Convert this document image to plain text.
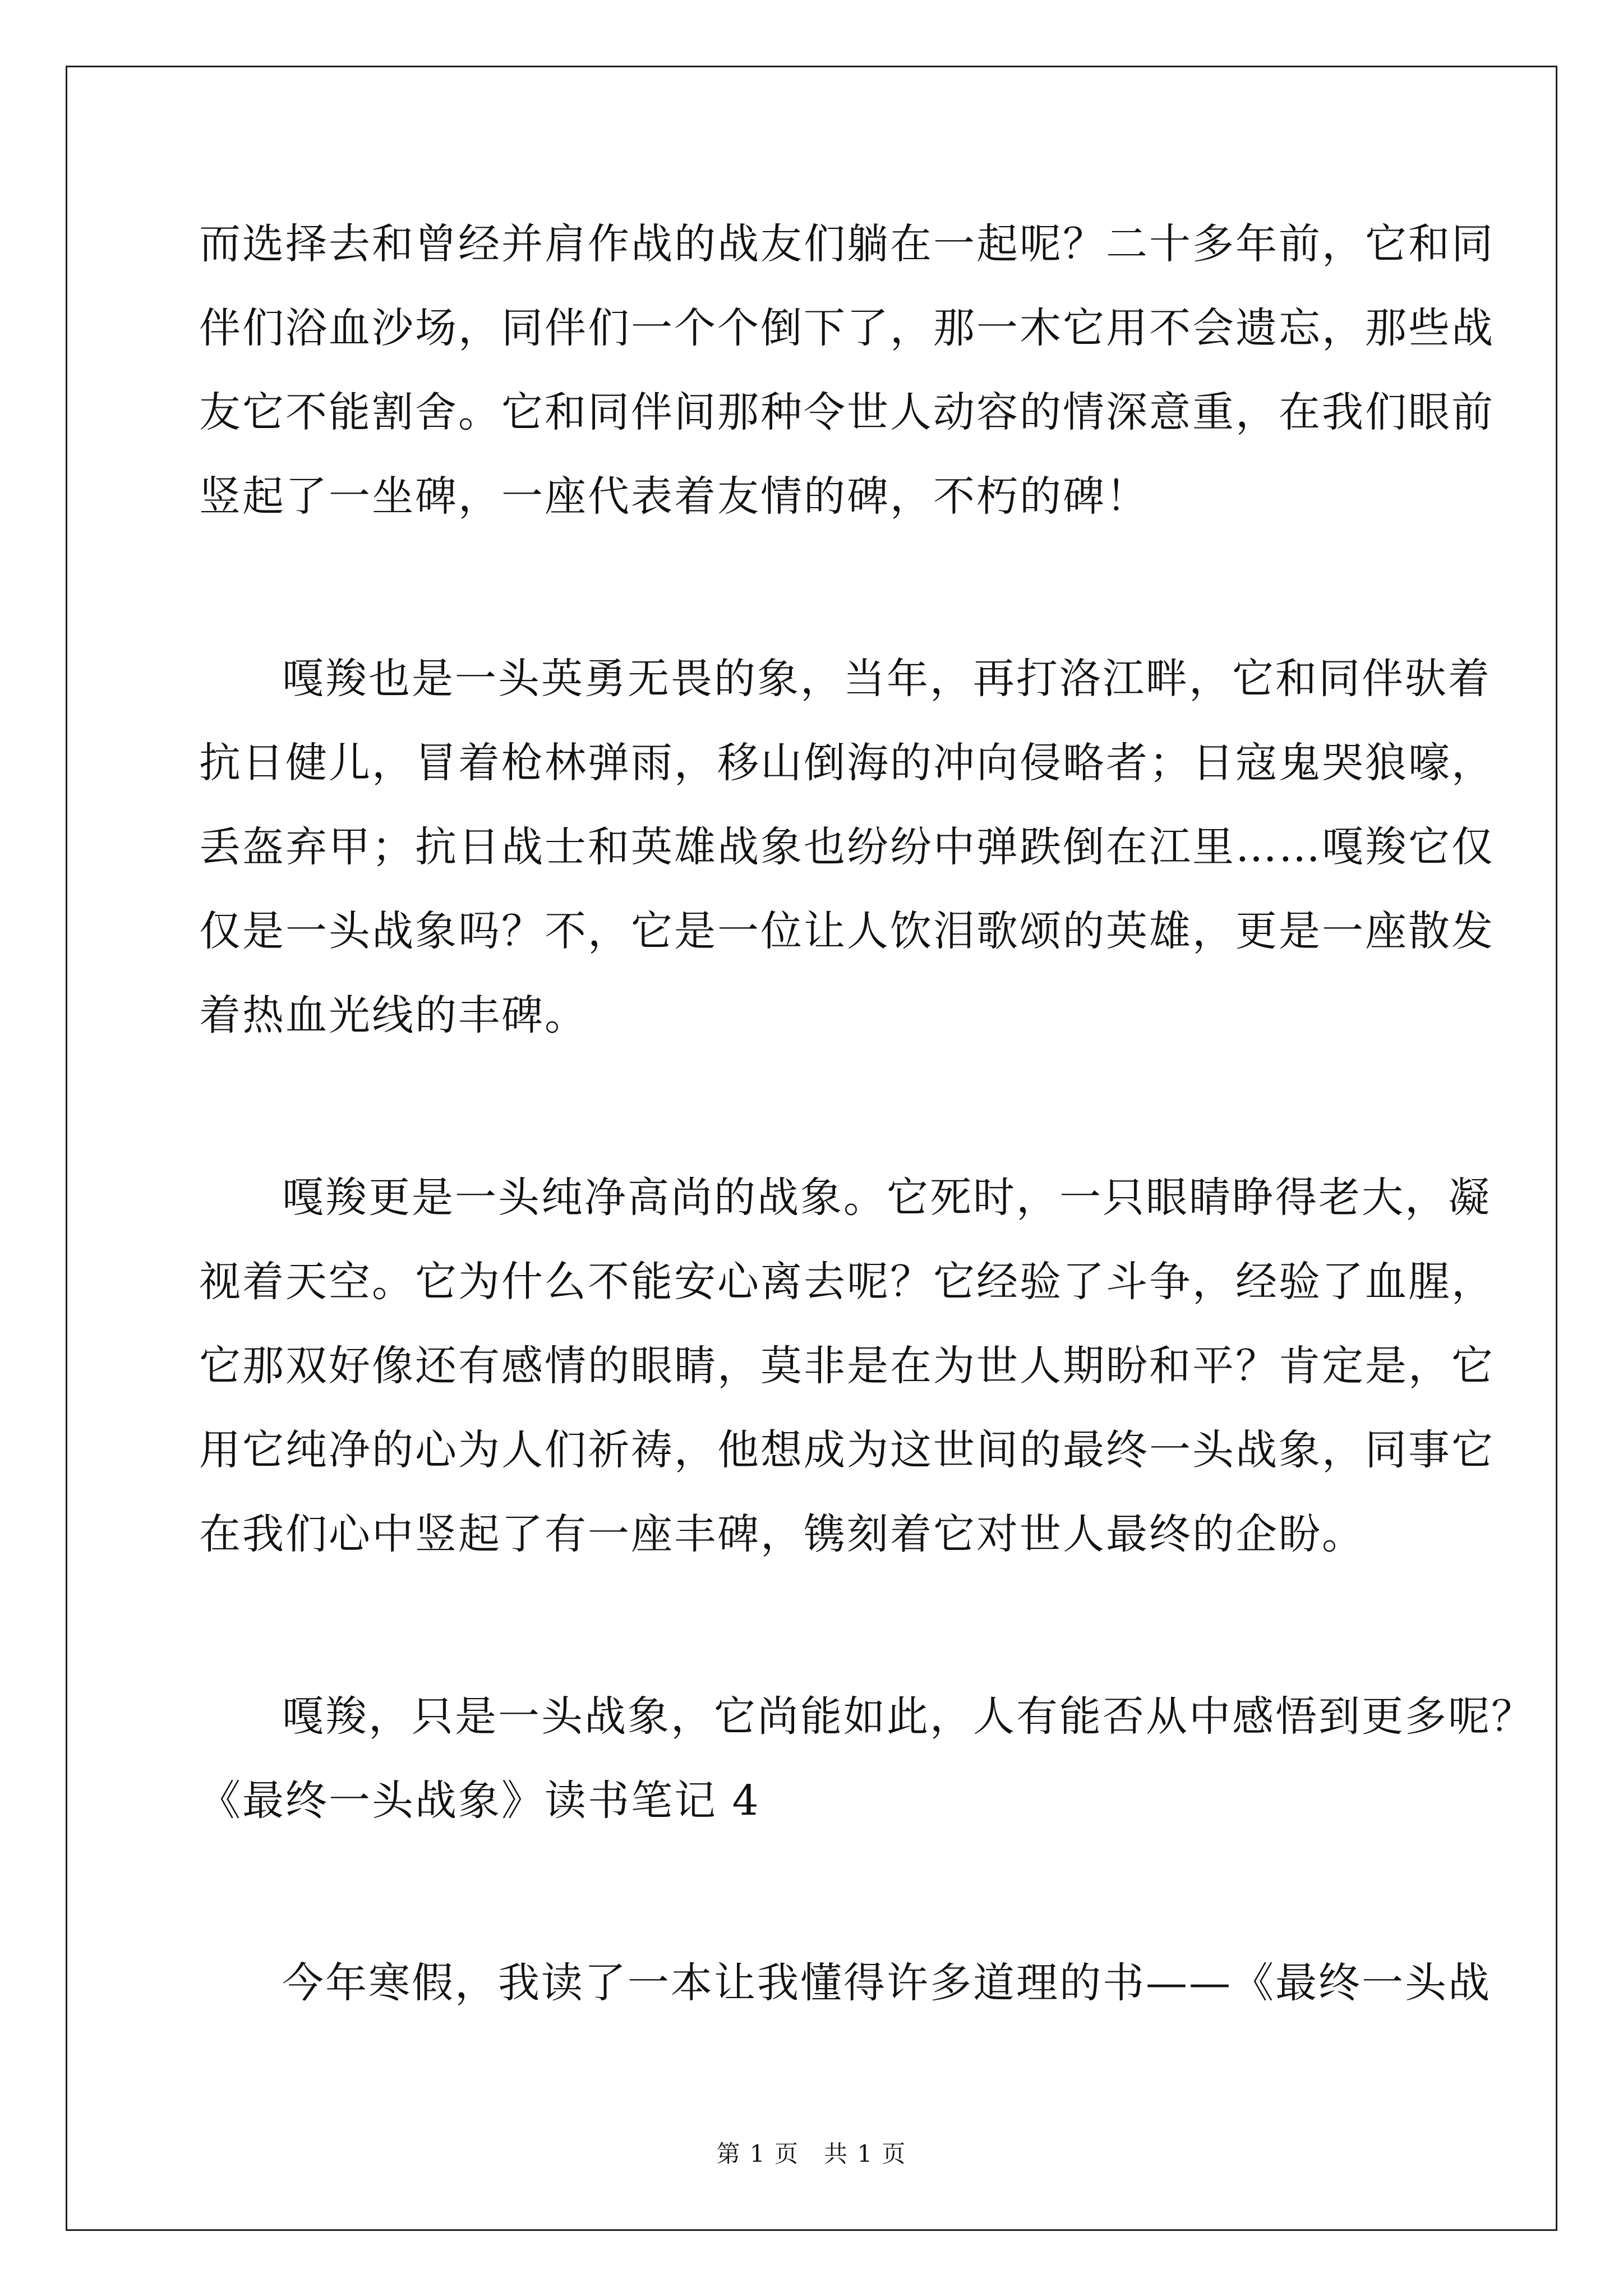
而选择去和曾经并肩作战的战友们躺在一起呢？二十多年前，它和同
伴们浴血沙场，同伴们一个个倒下了，那一木它用不会遗忘，那些战
友它不能割舍。它和同伴间那种令世人动容的情深意重，在我们眼前
竖起了一坐碑，一座代表着友情的碑，不朽的碑！
嘎羧也是一头英勇无畏的象，当年，再打洛江畔，它和同伴驮着
抗日健儿，冒着枪林弹雨，移山倒海的冲向侵略者；日寇鬼哭狼嚎，
丢盔弃甲；抗日战士和英雄战象也纷纷中弹跌倒在江里……嘎羧它仅
仅是一头战象吗？不，它是一位让人饮泪歌颂的英雄，更是一座散发
着热血光线的丰碑。
嘎羧更是一头纯净高尚的战象。它死时，一只眼睛睁得老大，凝
视着天空。它为什么不能安心离去呢？它经验了斗争，经验了血腥，
它那双好像还有感情的眼睛，莫非是在为世人期盼和平？肯定是，它
用它纯净的心为人们祈祷，他想成为这世间的最终一头战象，同事它
在我们心中竖起了有一座丰碑，镌刻着它对世人最终的企盼。
嘎羧，只是一头战象，它尚能如此，人有能否从中感悟到更多呢？
《最终一头战象》读书笔记 4
今年寒假，我读了一本让我懂得许多道理的书——《最终一头战
第 1 页　共 1 页
